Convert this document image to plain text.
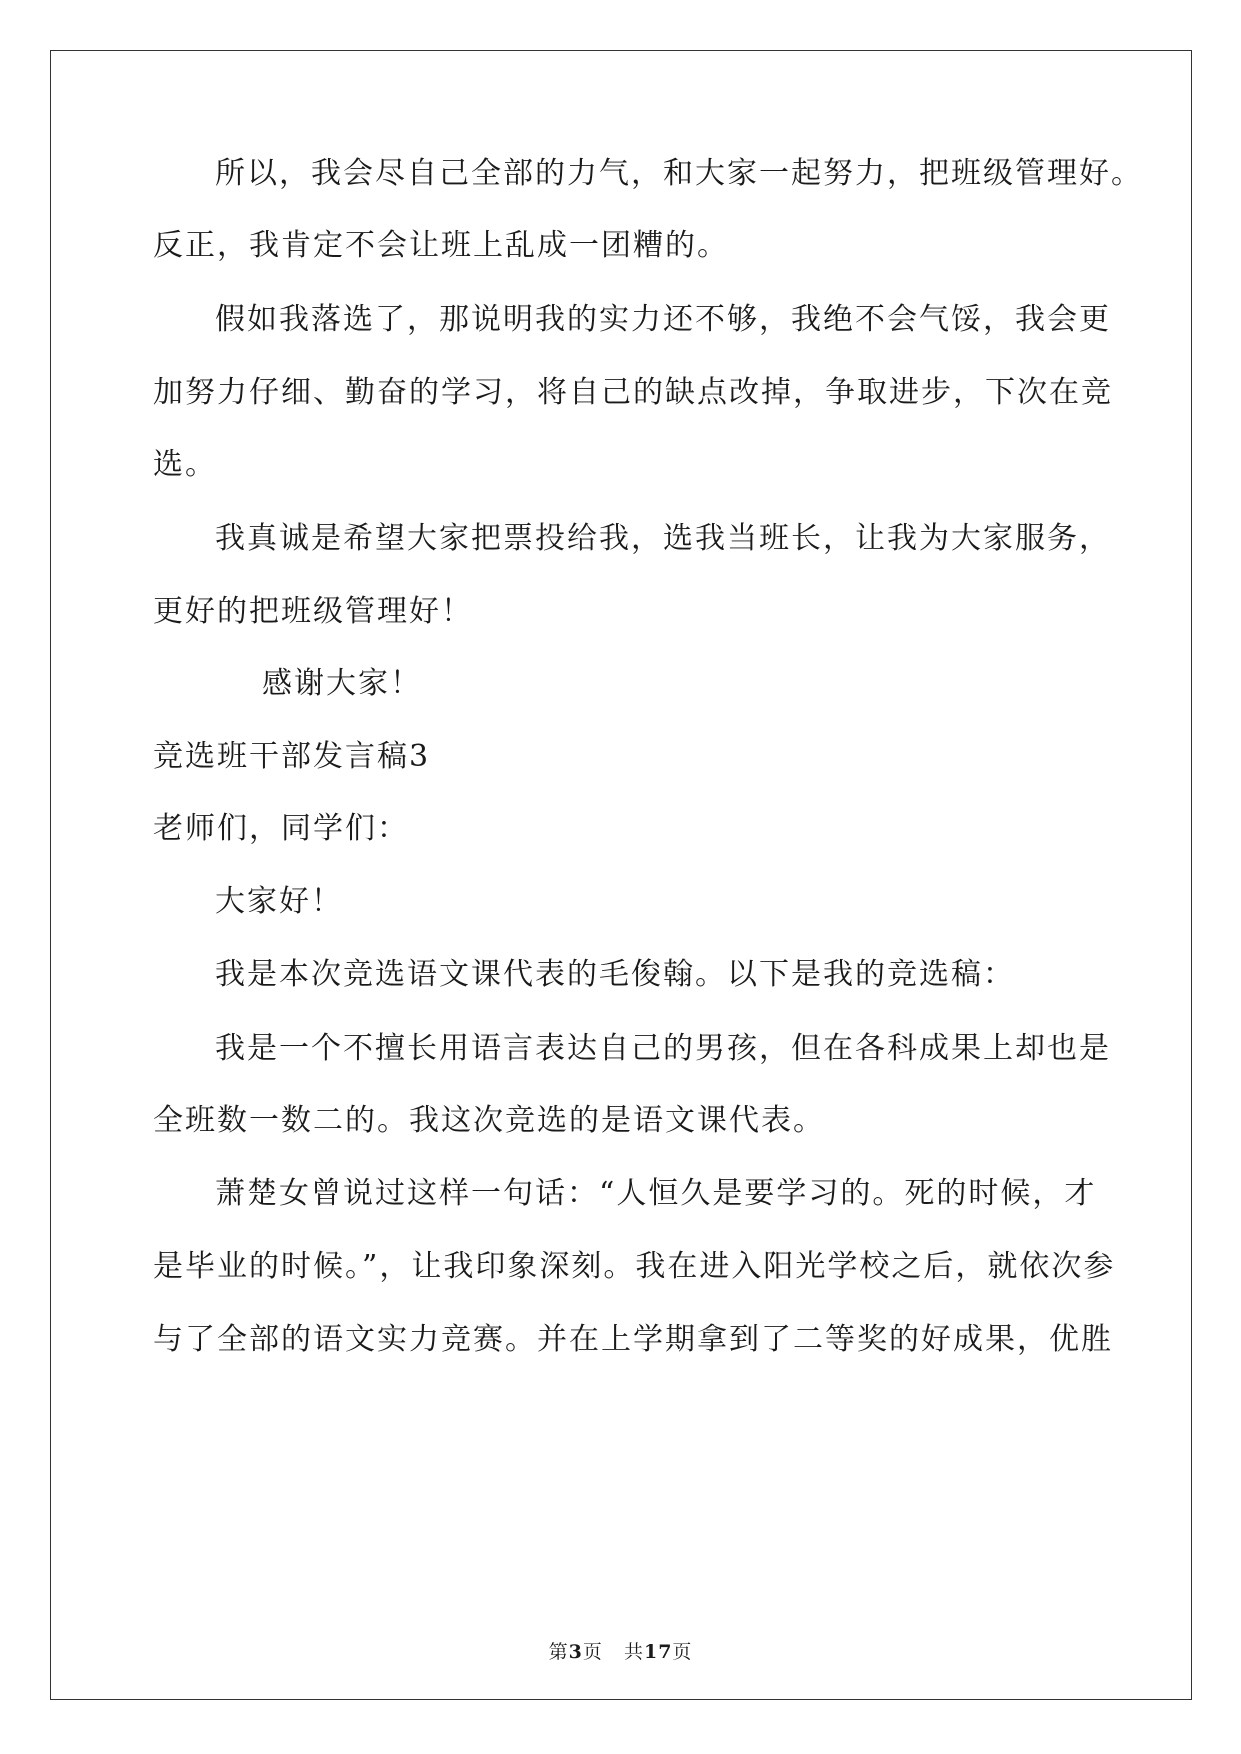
所以，我会尽自己全部的力气，和大家一起努力，把班级管理好。
反正，我肯定不会让班上乱成一团糟的。
假如我落选了，那说明我的实力还不够，我绝不会气馁，我会更
加努力仔细、勤奋的学习，将自己的缺点改掉，争取进步，下次在竞
选。
我真诚是希望大家把票投给我，选我当班长，让我为大家服务，
更好的把班级管理好！
感谢大家！
竞选班干部发言稿3
老师们，同学们：
大家好！
我是本次竞选语文课代表的毛俊翰。以下是我的竞选稿：
我是一个不擅长用语言表达自己的男孩，但在各科成果上却也是
全班数一数二的。我这次竞选的是语文课代表。
萧楚女曾说过这样一句话：“人恒久是要学习的。死的时候，才
是毕业的时候。”，让我印象深刻。我在进入阳光学校之后，就依次参
与了全部的语文实力竞赛。并在上学期拿到了二等奖的好成果，优胜
第3页 共17页
